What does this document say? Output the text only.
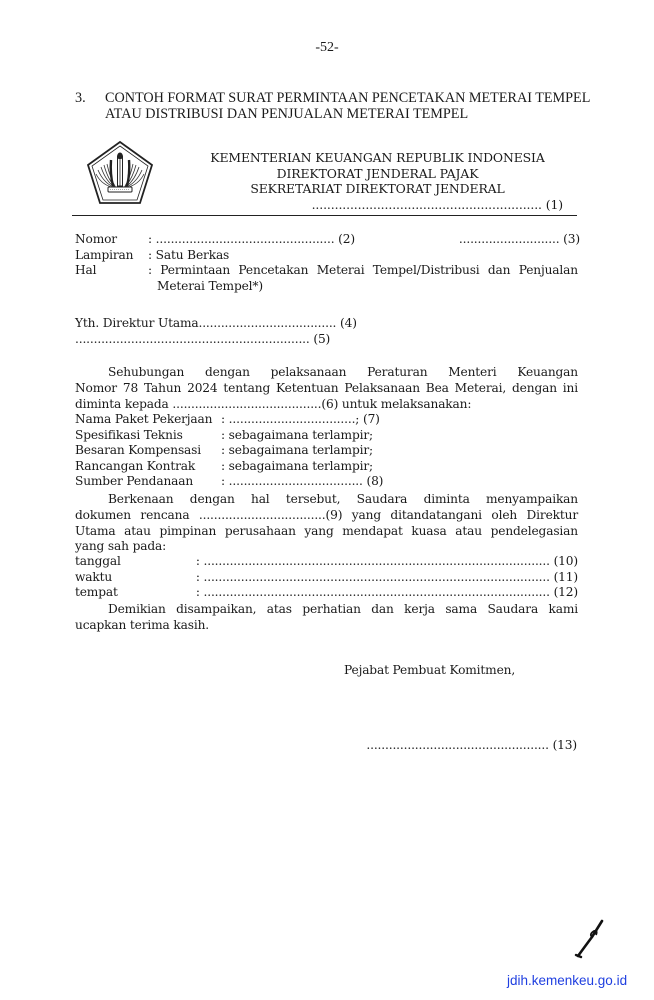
-52-
3. CONTOH FORMAT SURAT PERMINTAAN PENCETAKAN METERAI TEMPEL
ATAU DISTRIBUSI DAN PENJUALAN METERAI TEMPEL
KEMENTERIAN KEUANGAN REPUBLIK INDONESIA
DIREKTORAT JENDERAL PAJAK
SEKRETARIAT DIREKTORAT JENDERAL
............................................................ (1)
Nomor	: ................................................ (2)	........................... (3)
Lampiran : Satu Berkas
Hal	: Permintaan Pencetakan Meterai Tempel/Distribusi dan Penjualan
Meterai Tempel*)
Yth. Direktur Utama..................................... (4)
............................................................... (5)
Sehubungan dengan pelaksanaan Peraturan Menteri Keuangan
Nomor 78 Tahun 2024 tentang Ketentuan Pelaksanaan Bea Meterai, dengan ini
diminta kepada ........................................(6) untuk melaksanakan:
Nama Paket Pekerjaan : ..................................; (7)
Spesifikasi Teknis	: sebagaimana terlampir;
Besaran Kompensasi : sebagaimana terlampir;
Rancangan Kontrak : sebagaimana terlampir;
Sumber Pendanaan : .................................... (8)
Berkenaan dengan hal tersebut, Saudara diminta menyampaikan
dokumen rencana ..................................(9) yang ditandatangani oleh Direktur
Utama atau pimpinan perusahaan yang mendapat kuasa atau pendelegasian
yang sah pada:
tanggal	: ............................................................................................. (10)
waktu	: ............................................................................................. (11)
tempat	: ............................................................................................. (12)
Demikian disampaikan, atas perhatian dan kerja sama Saudara kami
ucapkan terima kasih.
Pejabat Pembuat Komitmen,
................................................. (13)
jdih.kemenkeu.go.id
